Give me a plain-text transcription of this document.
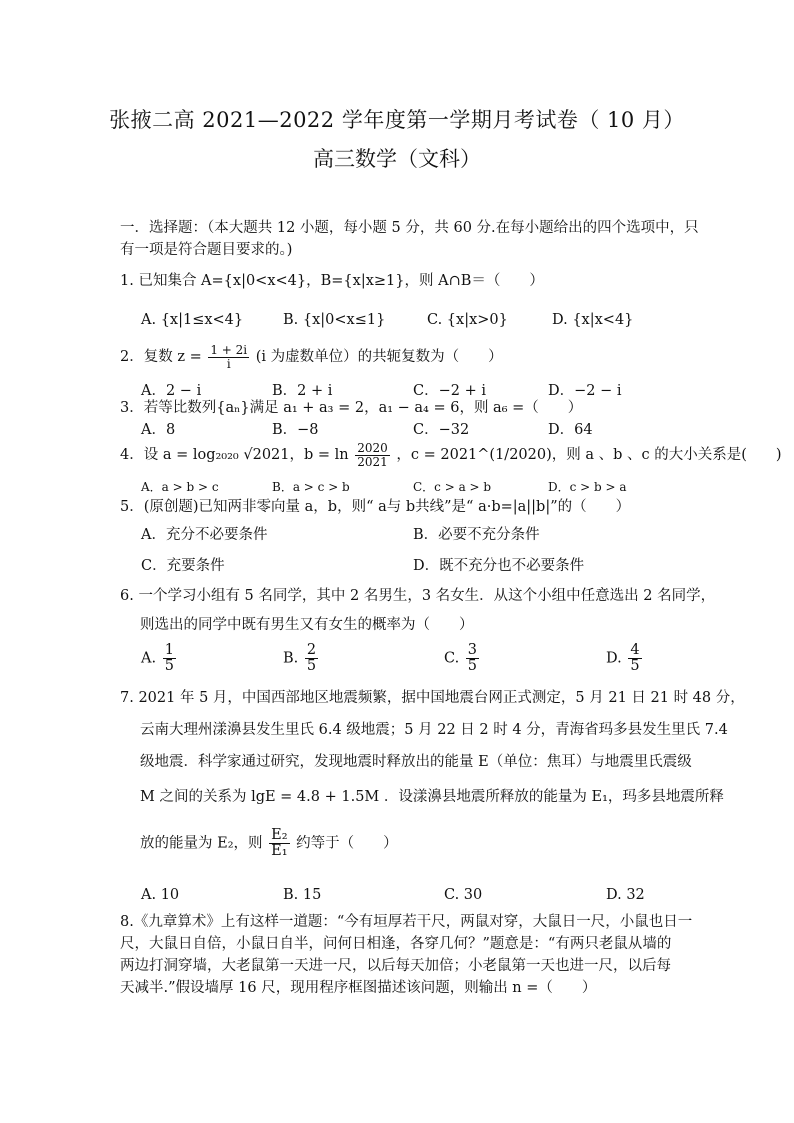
张掖二高 2021—2022 学年度第一学期月考试卷（ 10 月）
高三数学（文科）
一．选择题：（本大题共 12 小题，每小题 5 分，共 60 分.在每小题给出的四个选项中，只
有一项是符合题目要求的。)
1. 已知集合 A={x|0<x<4}，B={x|x≥1}，则 A∩B＝（　　）
A. {x|1≤x<4}	B. {x|0<x≤1}	C. {x|x>0}	D. {x|x<4}
2．复数 $z = \frac{1 + 2i}{i} (i$ 为虚数单位）的共轭复数为（　　）
A．2 − i	B．2 + i	C．−2 + i	D．−2 − i
3．若等比数列{aₙ}满足 a₁ + a₃ = 2，a₁ − a₄ = 6，则 a₆ =（　　）
A．8	B．−8	C．−32	D．64
4．设 a = log₂₀₂₀ √2021，$b = \ln \frac{2020}{2021}$ ，c = 2021^(1/2020)，则 a 、b 、c 的大小关系是(　　)
A．a > b > c	B．a > c > b	C．c > a > b	D．c > b > a
5．(原创题)已知两非零向量 a，b，则“ a与 b共线”是“ a·b=|a||b|”的（　　）
A．充分不必要条件	B．必要不充分条件
C．充要条件	D．既不充分也不必要条件
6. 一个学习小组有 5 名同学，其中 2 名男生，3 名女生．从这个小组中任意选出 2 名同学，
则选出的同学中既有男生又有女生的概率为（　　）
A. $\frac{1}{5}$	B. $\frac{2}{5}$	C. $\frac{3}{5}$	D. $\frac{4}{5}$
7. 2021 年 5 月，中国西部地区地震频繁，据中国地震台网正式测定，5 月 21 日 21 时 48 分，
云南大理州漾濞县发生里氏 6.4 级地震；5 月 22 日 2 时 4 分，青海省玛多县发生里氏 7.4
级地震．科学家通过研究，发现地震时释放出的能量 E（单位：焦耳）与地震里氏震级
M 之间的关系为 lgE = 4.8 + 1.5M ．设漾濞县地震所释放的能量为 E₁，玛多县地震所释
放的能量为 E₂，则 $\frac{\text{E₂}}{\text{E₁}}$ 约等于（　　）
A. 10	B. 15	C. 30	D. 32
8.《九章算术》上有这样一道题：“今有垣厚若干尺，两鼠对穿，大鼠日一尺，小鼠也日一
尺，大鼠日自倍，小鼠日自半，问何日相逢，各穿几何？”题意是：“有两只老鼠从墙的
两边打洞穿墙，大老鼠第一天进一尺，以后每天加倍；小老鼠第一天也进一尺，以后每
天减半.”假设墙厚 16 尺，现用程序框图描述该问题，则输出 n =（　　）
